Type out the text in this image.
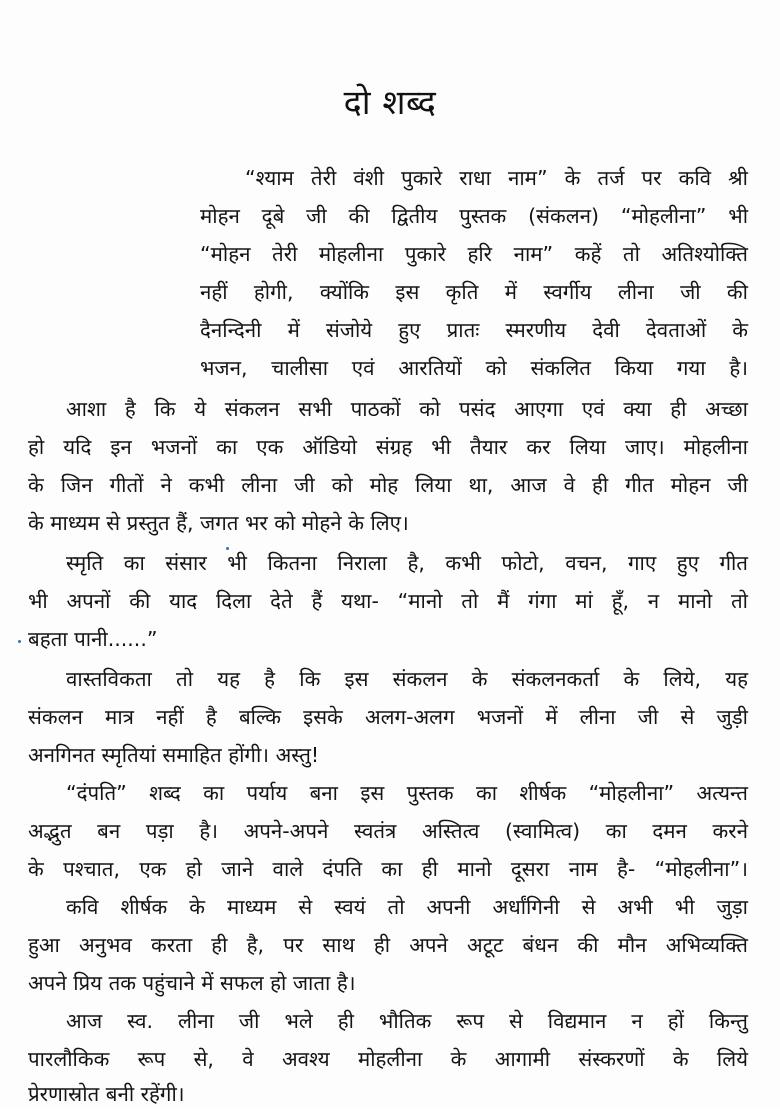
दो शब्द
“श्याम तेरी वंशी पुकारे राधा नाम” के तर्ज पर कवि श्री
मोहन दूबे जी की द्वितीय पुस्तक (संकलन) “मोहलीना” भी
“मोहन तेरी मोहलीना पुकारे हरि नाम” कहें तो अतिश्योक्ति
नहीं होगी, क्योंकि इस कृति में स्वर्गीय लीना जी की
दैनन्दिनी में संजोये हुए प्रातः स्मरणीय देवी देवताओं के
भजन, चालीसा एवं आरतियों को संकलित किया गया है।
आशा है कि ये संकलन सभी पाठकों को पसंद आएगा एवं क्या ही अच्छा
हो यदि इन भजनों का एक ऑडियो संग्रह भी तैयार कर लिया जाए। मोहलीना
के जिन गीतों ने कभी लीना जी को मोह लिया था, आज वे ही गीत मोहन जी
के माध्यम से प्रस्तुत हैं, जगत भर को मोहने के लिए।
स्मृति का संसार भी कितना निराला है, कभी फोटो, वचन, गाए हुए गीत
भी अपनों की याद दिला देते हैं यथा- “मानो तो मैं गंगा मां हूँ, न मानो तो
बहता पानी......”
वास्तविकता तो यह है कि इस संकलन के संकलनकर्ता के लिये, यह
संकलन मात्र नहीं है बल्कि इसके अलग-अलग भजनों में लीना जी से जुड़ी
अनगिनत स्मृतियां समाहित होंगी। अस्तु!
“दंपति” शब्द का पर्याय बना इस पुस्तक का शीर्षक “मोहलीना” अत्यन्त
अद्भुत बन पड़ा है। अपने-अपने स्वतंत्र अस्तित्व (स्वामित्व) का दमन करने
के पश्चात, एक हो जाने वाले दंपति का ही मानो दूसरा नाम है- “मोहलीना”।
कवि शीर्षक के माध्यम से स्वयं तो अपनी अर्धांगिनी से अभी भी जुड़ा
हुआ अनुभव करता ही है, पर साथ ही अपने अटूट बंधन की मौन अभिव्यक्ति
अपने प्रिय तक पहुंचाने में सफल हो जाता है।
आज स्व. लीना जी भले ही भौतिक रूप से विद्यमान न हों किन्तु
पारलौकिक रूप से, वे अवश्य मोहलीना के आगामी संस्करणों के लिये
प्रेरणास्रोत बनी रहेंगी।
